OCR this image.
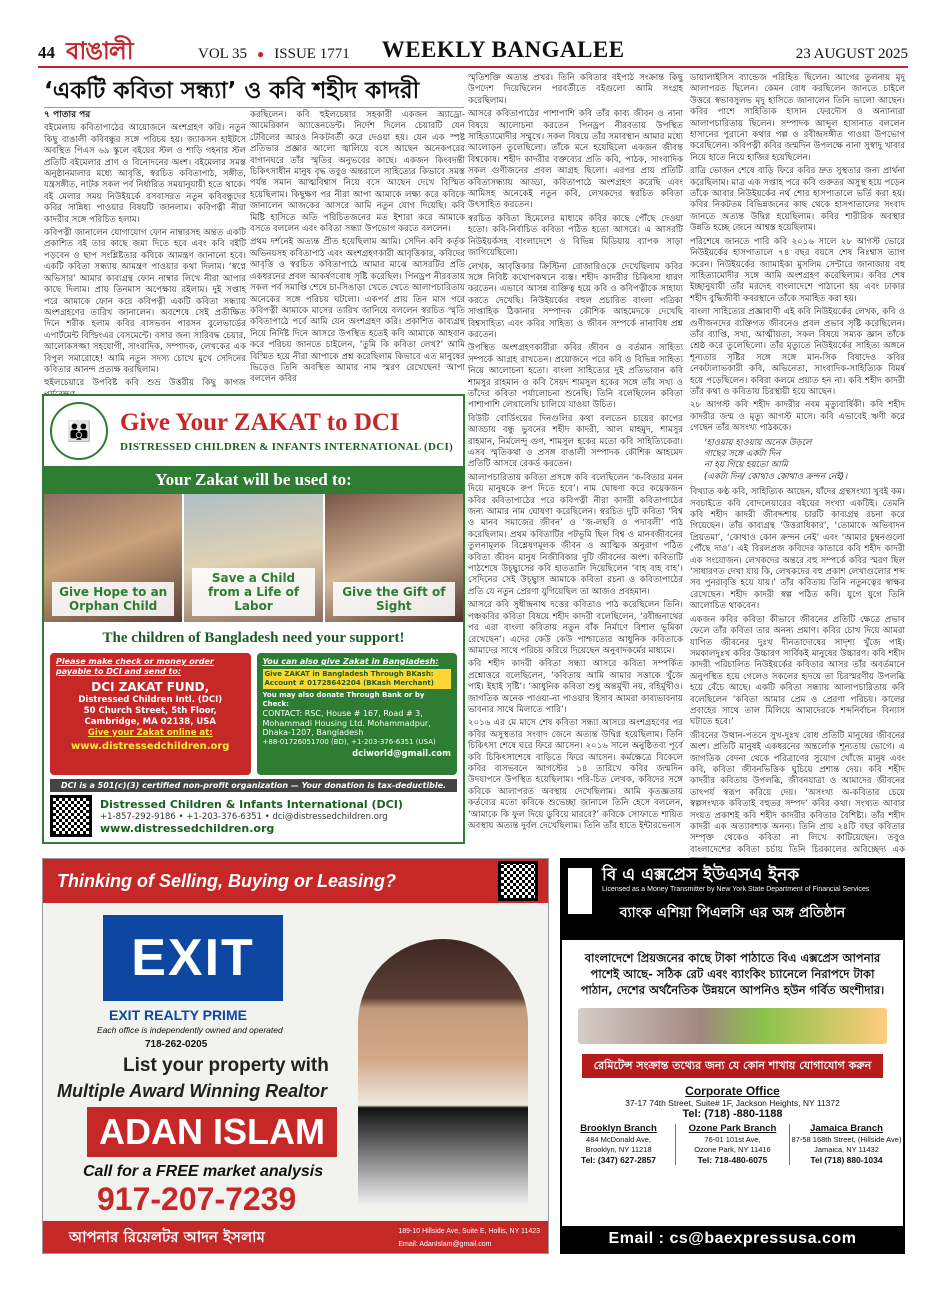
44 বাঙালী	VOL 35 ● ISSUE 1771 WEEKLY BANGALEE	23 AUGUST 2025
‘একটি কবিতা সন্ধ্যা’ ও কবি শহীদ কাদরী

৭ পাতার পর

বইমেলায় কবিতাপাঠের আয়োজনে অংশগ্রহণ করি। নতুন কিছু বাঙালী কবিবন্ধুর সঙ্গে পরিচয় হয়। জ্যাকসন হাইটসে অবস্থিত পিএস ৬৯ স্কুলে বইয়ের স্টল ও শাড়ি গহনার স্টল প্রতিটি বইমেলার প্রাণ ও বিনোদনের অংশ। বইমেলার সমস্ত অনুষ্ঠানমালার মধ্যে আবৃত্তি, স্বরচিত কবিতাপাঠ, সঙ্গীত, যন্ত্রসঙ্গীত, নাটক সকল পর্ব নির্ধারিত সময়ানুযায়ী হতে থাকে। বই মেলার সময় নিউইয়র্কে বসবাসরত নতুন কবিবন্ধুদের কবির সান্নিধ্য পাওয়ার বিষয়টি জানলাম। কবিপত্নী নীরা কাদরীর সঙ্গে পরিচিত হলাম।

কবিপত্নী জানালেন যোগাযোগ ফোন নাম্বারসহ অন্তত একটি প্রকাশিত বই তার কাছে জমা দিতে হবে এবং কবি বইটি পড়বেন ও ছাপ সংশ্লিষ্টতার কবিকে আমন্ত্রণ জানানো হবে। একটি কবিতা সন্ধ্যায় আমন্ত্রণ পাওয়ার কথা দিলাম। ‘স্বপ্নে অভিসার’ আমার কাব্যগ্রন্থ ফোন নাম্বার লিখে নীরা আপার কাছে দিলাম। প্রায় তিনমাস অপেক্ষায় রইলাম। দুই সপ্তাহ পরে আমাকে ফোন করে কবিপত্নী একটি কবিতা সন্ধ্যায় অংশগ্রহণের তারিখ জানালেন। অবশেষে সেই প্রতীক্ষিত দিনে শরীক হলাম কবির বাসভবন পারসন বুলেভার্ডের এপার্টমেন্ট বিল্ডিংএর বেসমেন্টে। বসার জন্য সারিবদ্ধ চেয়ার, আলোকসজ্জা সহযোগী, সাংবাদিক, সম্পাদক, লেখকের এক বিপুল সমারোহে! আমি নতুন সদস্য চোখে মুখে সেদিনের কবিতার আনন্দ প্রত্যক্ষ করছিলাম।

হুইলচেয়ারে উপবিষ্ট কবি শুভ্র উত্তরীয় কিছু কাগজ

করছিলেন। কবি হুইলচেয়ার সহকারী একজন অ্যাড্রো-আমেরিকান অ্যাত্তেনডেন্ট। নির্দেশ দিলেন চেয়ারটি যেন টেবিলের আরও নিকটবর্তী করে দেওয়া হয়। যেন এক স্পষ্ট প্রতিভার প্রজ্ঞার আলো জ্বালিয়ে বসে আছেন অনেকপরের বাগানঘরে তাঁর স্মৃতির অনুভবের কাছে। একজন কিংবদন্তী চিকিৎসাধীন মানুষ বৃদ্ধ তবুও অন্তরালে সাহিত্যের কিভাবে সমস্ত পর্যন্ত সমান আত্মবিশ্বাস নিয়ে বসে আছেন দেখে বিস্মিত হয়েছিলাম। কিছুক্ষণ পর নীরা আপা আমাকে লক্ষ্য করে কবিকে জানালেন আজকের আসরে আমি নতুন যোগ দিয়েছি। কবি মিষ্টি হাসিতে অতি পরিচিতজনের মত ইশারা করে আমাকে বসতে বললেন এবং কবিতা সন্ধ্যা উপভোগ করতে বললেন।

প্রথম দর্শনেই অত্যন্ত প্রীত হয়েছিলাম আমি। সেদিন কবি কর্তৃক অভিনয়সহ কবিতাপাঠ এবং অংশগ্রহণকারী আবৃত্তিকার, কবিদের আবৃত্তি ও স্বরচিত কবিতাপাঠে আমার মাঝে আসরটির প্রতি একধরনের প্রবল আকর্ষণবোধ সৃষ্টি করেছিল। পিনড্রপ নীরবতায় সকল পর্ব সমাপ্তি শেষে চা-সিঙাড়া খেতে খেতে আলাপচারিতায় অনেকের সঙ্গে পরিচয় ঘটলো। একপর্ব প্রায় তিন মাস পরে কবিপত্নী আমাকে মাসের তারিখ জানিয়ে বললেন স্বরচিত স্মৃতি কবিতাপাঠে পর্বে আমি যেন অংশগ্রহণ করি। প্রকাশিত কাব্যগ্রন্থ নিয়ে নির্দিষ্ট দিনে আসরে উপস্থিত হতেই কবি আমাকে আহবান করে পরিচয় জানতে চাইলেন, ‘তুমি কি কবিতা লেখ?’ আমি বিস্মিত হয়ে নীরা আপাকে প্রশ্ন করেছিলাম কিভাবে এত মানুষের ভিড়েও তিনি অবস্থিত আমার নাম স্মরণ রেখেছেন! আপা বললেন কবির

স্মৃতিশক্তি অত্যন্ত প্রখর। তিনি কবিতার বইপাঠ সংক্রান্ত কিছু উপদেশ দিয়েছিলেন পরবর্তীতে বইগুলো আমি সংগ্রহ করেছিলাম।

আসরে কবিতাপাঠের পাশাপাশি কবি তাঁর কাব্য জীবন ও নানা বিষয়ে আলোচনা করতেন পিনড্রপ নীরবতায় উপস্থিত সাহিত্যামোদীর সম্মুখে। সকল বিষয়ে তাঁর সমাবস্থান আমার মধ্যে আলোড়ন তুলেছিলো। তাঁকে মনে হয়েছিলো একজন জীবন্ত বিশ্বকোষ। শহীদ কাদরীর বক্তব্যের প্রতি কবি, পাঠক, সাংবাদিক সকল গুণীজনের প্রবল আগ্রহ ছিলো। এরপর প্রায় প্রতিটি কবিতাসন্ধ্যায় আড্ডা, কবিতাপাঠে অংশগ্রহণ করেছি এবং আমিসহ অনেকেই নতুন কবি, লেখকদের স্বরচিত কবিতা উৎসাহিত করতেন।

স্বরচিত কবিতা হিমেলের মাধ্যমে কবির কাছে পৌঁছে দেওয়া হতো। কবি-নির্বাচিত কবিতা পঠিত হতো আসরে। এ আসরটি নিউইয়র্কসহ বাংলাদেশে ও বিভিন্ন মিডিয়ায় ব্যাপক সাড়া জাগিয়েছিলো।

লেখক, আবৃত্তিকার ক্রিস্টিনা রোজারিওকে দেখেছিলাম কবির সঙ্গে নিবিষ্ট কথোপকথনে ব্যস্ত। শহীদ কাদরীর চিকিৎসা ধারণ করতেন। এভাবে আসন্ন ব্যক্তিত্ব হয়ে কবি ও কবিপত্নীকে সাহায্য করতে দেখেছি। নিউইয়র্কের বহুল প্রচারিত বাংলা পত্রিকা সাপ্তাহিক ঠিকানার সম্পাদক কৌশিক আহমেদকে দেখেছি বিশ্বসাহিত্য এবং কবির সাহিত্য ও জীবন সম্পর্কে নানাবিধ প্রশ্ন করতেন।

উপস্থিত অংশগ্রহণকারীরা কবির জীবন ও বর্তমান সাহিত্য সম্পর্কে আগ্রহ রাখতেন। প্রয়োজনে পরে কবি ও বিভিন্ন সাহিত্য নিয়ে আলোচনা হতো। বাংলা সাহিত্যের দুই প্রতিভাবান কবি শামসুর রাহমান ও কবি সৈয়দ শামসুল হকের সঙ্গে তাঁর সখ্য ও তাঁদের কবিতা পর্যালোচনা শুনেছি। তিনি বলেছিলেন কবিতা পাশাপাশি লেখালেখি চালিয়ে যাওয়া উচিত।

বিউটি বোর্ডিংয়ের দিনগুলির কথা বলতেন চায়ের কাপের আড্ডায় বন্ধু ভুবনের শহীদ কাদরী, আল মাহমুদ, শামসুর রাহমান, নির্মলেন্দু গুণ, শামসুল হকের মতো কবি সাহিত্যিকেরা। এসব স্মৃতিকথা ও প্রসঙ্গ বাঙালী সম্পাদক কৌশিক আহমেদ প্রতিটি আসরে রেকর্ড করতেন।

আলাপচারিতায় কবিতা প্রসঙ্গে কবি বলেছিলেন ‘ক-বিতার মনন দিয়ে মানুষকে রুপ দিতে হবে’। নাম ঘোষণা করে কয়েকজন কবির কবিতাপাঠের পরে কবিপত্নী নীরা কাদরী কবিতাপাঠের জন্য আমার নাম ঘোষণা করেছিলেন। স্বরচিত দুটি কবিতা ‘বিশ্ব ও মানব সমাজের জীবন’ ও ‘জ-লছবি ও পদাবলী’ পাঠ করেছিলাম। প্রথম কবিতাটির পটভূমি ছিল বিশ্ব ও মানবজীবনের তুলনামূলক বিশ্লেষণমূলক জীবন ও আত্মিক অনুরাগ পঠিত কবিতা জীবন মানুষ নিজীবিকার দুটি জীবনের অংশ। কবিতাটি পাঠশেষে উচ্ছ্বাসের কবি হাততালি দিয়েছিলেন ‘বাহ বাহ বাহ’। সেদিনের সেই উচ্ছ্বাস আমাকে কবিতা রচনা ও কবিতাপাঠের প্রতি যে নতুন প্রেরণা যুগিয়েছিল তা আজও প্রবহমান।

আসরে কবি সুধীন্দ্রনাথ দত্তের কবিতাও পাঠ করেছিলেন তিনি। পঞ্চকবির কবিতা বিষয়ে শহীদ কাদরী বলেছিলেন, ‘রবীন্দ্রনাথের পর এরা বাংলা কবিতায় নতুন বাঁক নির্মাণে বিশাল ভূমিকা রেখেছেন’। এদের কেউ কেউ পাশ্চাত্যের আধুনিক কবিতাকে আমাদের সাথে পরিচয় করিয়ে দিয়েছেন অনুবাদকর্মের মাধ্যমে।

কবি শহীদ কাদরী কবিতা সন্ধ্যা আসরে কবিতা সম্পর্কিত প্রশ্নোত্তরে বলেছিলেন, ‘কবিতায় আমি আমার সত্তাকে খুঁজে পাই। ইহাই সৃষ্টি’। ‘আধুনিক কবিতা শুধু অন্তর্মুখী নয়, বহির্মুখীও। জাগতিক অনেক পাওয়া-না পাওয়ার হিসাব আমরা কাব্যভাবনায় ভাবনার সাথে মিলাতে পারি’।

২০১৬ এর মে মাসে শেষ কবিতা সন্ধ্যা আসরে অংশগ্রহণের পর কবির অসুস্থতার সংবাদ জেনে অত্যন্ত উদ্বিগ্ন হয়েছিলাম। তিনি চিকিৎসা শেষে ঘরে ফিরে আসেন। ২০১৬ সালে অনুষ্ঠিতব্য পূর্বে কবি চিকিৎসাশেষে বাড়িতে ফিরে আসেন। কর্মক্ষেত্রে বিকেলে কবির বাসভবনে আগস্টের ১৪ তারিখে কবির জন্মদিন উদযাপনে উপস্থিত হয়েছিলাম। পরি-চিত লেখক, কবিদের সঙ্গে কবিকে আলাপরত অবস্থায় দেখেছিলাম। আমি কৃতজ্ঞতায় কর্তব্যের মতো কবিকে শুভেচ্ছা জানালে তিনি হেসে বললেন, ‘আমাকে কি ফুল দিয়ে ডুবিয়ে মারবে?’ কবিকে সোফাতে শায়িত অবস্থায় অত্যন্ত দুর্বল দেখেছিলাম। তিনি তাঁর হাতে ইন্টারভেনাস

ডায়ালাইসিস ব্যান্ডেজ পরিহিত ছিলেন। আগের তুলনায় মৃদু আলাপরত ছিলেন। কেমন বোধ করছিলেন জানতে চাইলে উত্তরে স্বভাবসুলভ মৃদু হাসিতে জানালেন তিনি ভালো আছেন। কবির পাশে সাহিত্যিক হাসান ফেরদৌস ও অন্যান্যরা আলাপচারিতায় ছিলেন। সম্পাদক আব্দুল হাসানাত বললেন হাসানের পুরানো কথার গল্প ও রবীন্দ্রসঙ্গীত গাওয়া উপভোগ করেছিলেন। কবিপত্নী কবির জন্মদিন উপলক্ষে নানা সুস্বাদু খাবার নিয়ে হাতে নিয়ে হাজির হয়েছিলেন।

রাত্রি ভোজন শেষে বাড়ি ফিরে কবির দ্রুত সুস্থতার জন্য প্রার্থনা করেছিলাম। মাত্র এক সপ্তাহ পরে কবি গুরুতর অসুস্থ হয়ে পড়েন তাঁকে আবার নিউইয়র্কের নর্থ শোর হাসপাতালে ভর্তি করা হয়। কবির নিকটতম বিভিন্নজনের কাছ থেকে হাসপাতালের সংবাদ জানতে অত্যন্ত উদ্বিগ্ন হয়েছিলাম। কবির শারীরিক অবস্থার উন্নতি হচ্ছে জেনে আশ্বস্ত হয়েছিলাম।

পরিশেষে জানতে পারি কবি ২০১৬ সালে ২৮ আগস্ট ভোরে নিউইয়র্কের হাসপাতালে ৭৪ বছর বয়সে শেষ নিঃশ্বাস ত্যাগ করেন। নিউইয়র্কের জ্যামাইকা মুসলিম সেন্টারে জানাজায় বহু সাহিত্যামোদীর সঙ্গে আমি অংশগ্রহণ করেছিলাম। কবির শেষ ইচ্ছানুযায়ী তাঁর মরদেহ বাংলাদেশে পাঠানো হয় এবং ঢাকার শহীদ বুদ্ধিজীবী কবরস্থানে তাঁকে সমাহিত করা হয়।

বাংলা সাহিত্যের প্রজ্ঞাবাণী এই কবি নিউইয়র্কের লেখক, কবি ও গুণীজনদের ব্যক্তিগত জীবনেও প্রবল প্রভাব সৃষ্টি করেছিলেন। তাঁর ব্যাপ্তি, সখ্য, আত্মীয়তা, সকল বিষয়ে সম্যক জ্ঞান তাঁকে শ্রেষ্ঠ করে তুলেছিলো। তাঁর মৃত্যুতে নিউইয়র্কের সাহিত্য অঙ্গনে শূন্যতার সৃষ্টির সঙ্গে সঙ্গে মান-সিক বিষাদেও কবির নেকট্যলাভকারী কবি, অভিনেতা, সাংবাদিক-সাহিত্যিক বিমর্ষ হয়ে পড়েছিলেন। কবিরা কলমে প্রয়াত হন না। কবি শহীদ কাদরী তাঁর কথা ও কবিতায় চিরস্থায়ী হয়ে আছেন।

২৮ আগস্ট কবি শহীদ কাদরীর নবম মৃত্যুবার্ষিকী। কবি শহীদ কাদরীর জন্ম ও মৃত্যু আগস্ট মাসে। কবি এভাবেই ঋণী করে গেছেন তাঁর অসংখ্য পাঠককে।

‘হাওয়ায় হাওয়ায় অনেক উড়লে
গাছের সঙ্গে একটা দিন
না হয় গিয়ে হয়তো আমি
(একটা দিন/ কোথাও কোথাও ক্রন্দন নেই)।

বিখ্যাত কণ্ঠ কবি, সাহিত্যিক আছেন, যাঁদের গ্রন্থসংখ্যা খুবই কম। সবচাইতে কবি বোদলেয়ারের বইয়ের সংখ্যা একটিই। তেমনি কবি শহীদ কাদরী জীবদ্দশায় চারটি কাব্যগ্রন্থ রচনা করে গিয়েছেন। তাঁর কাব্যগ্রন্থ ‘উত্তরাধিকার’, ‘তোমাকে অভিবাদন প্রিয়তমা’, ‘কোথাও কোন ক্রন্দন নেই’ এবং ‘আমার চুম্বনগুলো পৌঁছে দাও’। এই বিরলপ্রজ কবিদের কাতারে কবি শহীদ কাদরী এক সংযোজন। লেখকদের অন্তরে বহু সম্পর্কে কবির স্মরণ ছিল ‘সাধারণত দেখা যায় কি, লেখকদের বহু প্রকাশ লেখাগুলোর শব্দ সব পুনরাবৃত্তি হয়ে যায়।’ তাঁর কবিতায় তিনি নতুনত্বের স্বাক্ষর রেখেছেন। শহীদ কাদরী স্বল্প পঠিত কবি। যুগে যুগে তিনি আলোচিত থাকবেন।

একজন কবির কবিতা কীভাবে জীবনের প্রতিটি ক্ষেত্রে প্রভাব ফেলে তাঁর কবিতা তার অনন্য প্রমাণ। কবির চোখ দিয়ে আমরা যাপিত জীবনের দুঃখ দীনতাদোষের সাদৃশ্য খুঁজে পাই। সমকালদুঃখ কবির উচ্চারণ সার্বিকই মানুষের উচ্চারণ। কবি শহীদ কাদরী পরিচালিত নিউইয়র্কের কবিতার আসর তাঁর অবর্তমানে অনুপস্থিত হয়ে গেলেও সকলের হৃদয়ে তা চিরস্মরণীয় উপলব্ধি হয়ে বেঁচে আছে। একটি কবিতা সন্ধ্যায় আলাপচারিতায় কবি বলেছিলেন ‘কবিতা আমার প্রেম ও প্রেরণা পরিচয়। কালের প্রবাহের সাথে তাল মিলিয়ে আমাদেরকে শব্দনির্বাচন বিন্যাস ঘটাতে হবে।’

জীবনের উত্থান-পতনে সুখ-দুঃখ বোধ প্রতিটি মানুষের জীবনের অংশ। প্রতিটি মানুষই একধরনের অন্তর্লোক শূন্যতায় ভোগে। এ জাগতিক বেদনা থেকে পরিত্রাণের সুযোগ খোঁজে মানুষ এবং কবি, কবিতা জীবনভিত্তিক ঘুচিয়ে প্রশান্ত দেয়। কবি শহীদ কাদরীর কবিতায় উপলব্ধি, জীবনযাত্রা ও আমাদের জীবনের তাৎপর্য স্বরূপ করিয়ে দেয়। ‘অসংখ্য অ-কবিতার চেয়ে স্বল্পসংখ্যক কবিতাই বহুতর সম্পদ’ কবির কথা। সংখ্যত আবার সংযত প্রকাশই কবি শহীদ কাদরীর কবিতার বৈশিষ্ট্য। তাঁর শহীদ কাদরী এক অত্যাবশ্যক অনন্য। তিনি প্রায় ২৪টি বছর কবিতার সম্পৃক্ত থেকেও কবিতা না লিখে কাটিয়েছেন। তবুও বাংলাদেশের কবিতা চর্চায় তিনি চিরকালের অবিচ্ছেদ্য এক

👪 Give Your ZAKAT to DCI
DISTRESSED CHILDREN & INFANTS INTERNATIONAL (DCI)
Your Zakat will be used to:
Give Hope to an Orphan Child
Save a Child from a Life of Labor
Give the Gift of Sight
The children of Bangladesh need your support!
Please make check or money order payable to DCI and send to:
DCI ZAKAT FUND,
Distressed Children Intl. (DCI)
50 Church Street, 5th Floor,
Cambridge, MA 02138, USA
Give your Zakat online at:
www.distressedchildren.org
You can also give Zakat in Bangladesh:
Give ZAKAT in Bangladesh Through BKash: Account # 01728642204 (BKash Merchant)
You may also donate Through Bank or by Check:
CONTACT: RSC, House # 167, Road # 3, Mohammadi Housing Ltd. Mohammadpur, Dhaka-1207, Bangladesh
+88-01726051700 (BD), +1-203-376-6351 (USA)
dciworld@gmail.com
DCI is a 501(c)(3) certified non-profit organization — Your donation is tax-deductible.
Distressed Children & Infants International (DCI)
+1-857-292-9186 • +1-203-376-6351 • dci@distressedchildren.org
www.distressedchildren.org
Thinking of Selling, Buying or Leasing?
EXIT
EXIT REALTY PRIME
Each office is independently owned and operated
718-262-0205
List your property with
Multiple Award Winning Realtor
ADAN ISLAM
Call for a FREE market analysis
917-207-7239
আপনার রিয়েলটর আদন ইসলাম	189-10 Hillside Ave, Suite E, Hollis, NY 11423
Email: AdanIslam@gmail.com
বি এ এক্সপ্রেস ইউএসএ ইনক
Licensed as a Money Transmitter by New York State Department of Financial Services
ব্যাংক এশিয়া পিএলসি এর অঙ্গ প্রতিষ্ঠান
বাংলাদেশে প্রিয়জনের কাছে টাকা পাঠাতে বিএ এক্সপ্রেস আপনার পাশেই আছে- সঠিক রেট এবং ব্যাংকিং চ্যানেলে নিরাপদে টাকা পাঠান, দেশের অর্থনৈতিক উন্নয়নে আপনিও হউন গর্বিত অংশীদার।
রেমিটেন্স সংক্রান্ত তথ্যের জন্য যে কোন শাখায় যোগাযোগ করুন
Corporate Office
37-17 74th Street, Suite# 1F, Jackson Heights, NY 11372
Tel: (718) -880-1188
Brooklyn Branch
484 McDonald Ave,
Brooklyn, NY 11218
Tel: (347) 627-2857
Ozone Park Branch
76-01 101st Ave,
Ozone Park, NY 11416
Tel: 718-480-6075
Jamaica Branch
87-58 168th Street, (Hillside Ave)
Jamaica, NY 11432
Tel (718) 880-1034
Email : cs@baexpressusa.com
